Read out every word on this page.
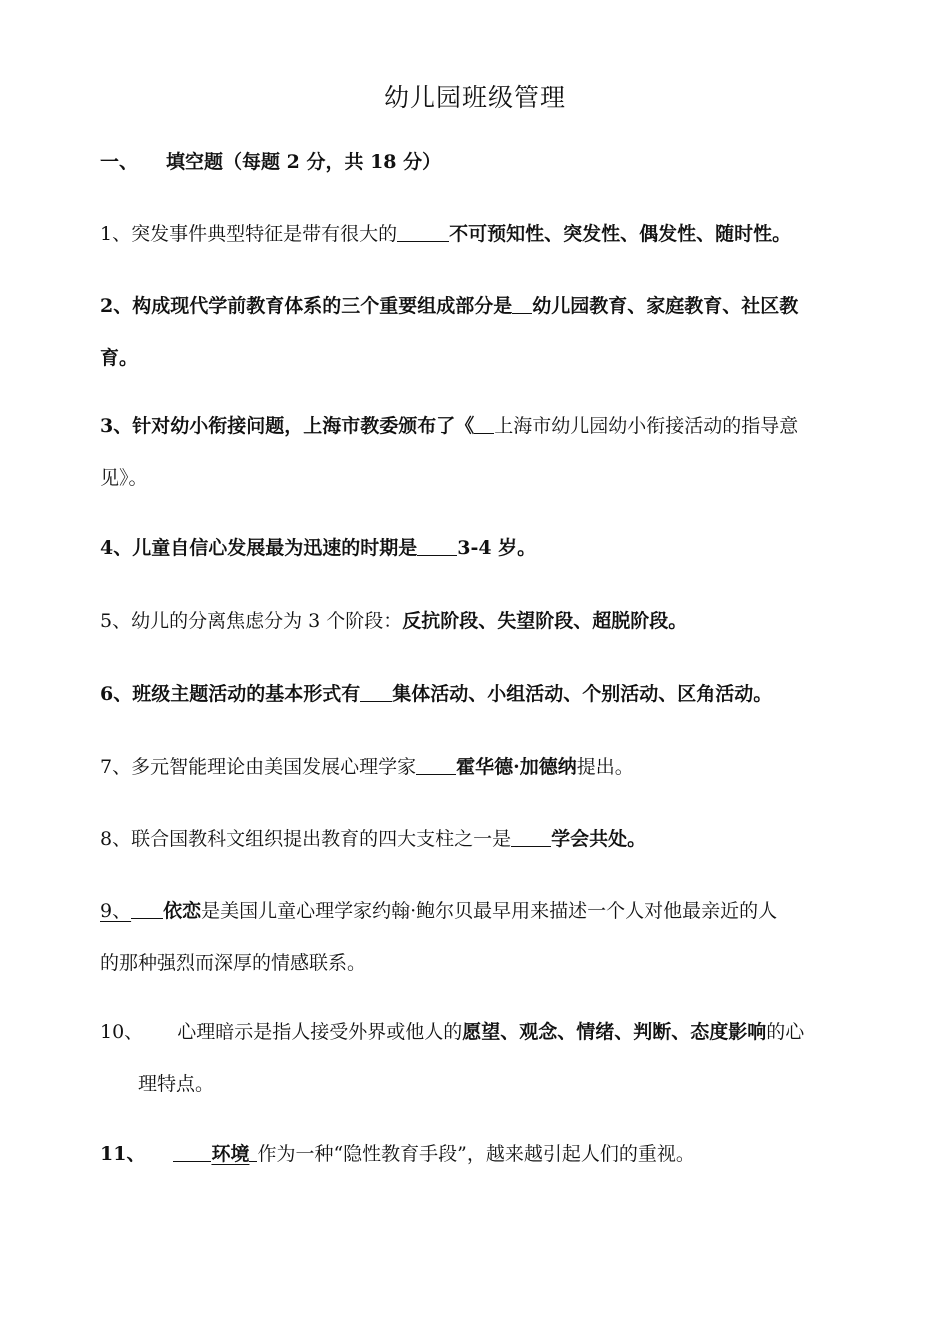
幼儿园班级管理
一、 填空题（每题 2 分，共 18 分）
1、突发事件典型特征是带有很大的	不可预知性、突发性、偶发性、随时性。
2、构成现代学前教育体系的三个重要组成部分是 幼儿园教育、家庭教育、社区教
育。
3、针对幼小衔接问题，上海市教委颁布了《 上海市幼儿园幼小衔接活动的指导意
见》。
4、儿童自信心发展最为迅速的时期是 3-4 岁。
5、幼儿的分离焦虑分为 3 个阶段：反抗阶段、失望阶段、超脱阶段。
6、班级主题活动的基本形式有 集体活动、小组活动、个别活动、区角活动。
7、多元智能理论由美国发展心理学家 霍华德·加德纳提出。
8、联合国教科文组织提出教育的四大支柱之一是 学会共处。
9、 依恋是美国儿童心理学家约翰·鲍尔贝最早用来描述一个人对他最亲近的人
的那种强烈而深厚的情感联系。
10、 心理暗示是指人接受外界或他人的愿望、观念、情绪、判断、态度影响的心
理特点。
11、	环境 作为一种“隐性教育手段”，越来越引起人们的重视。
